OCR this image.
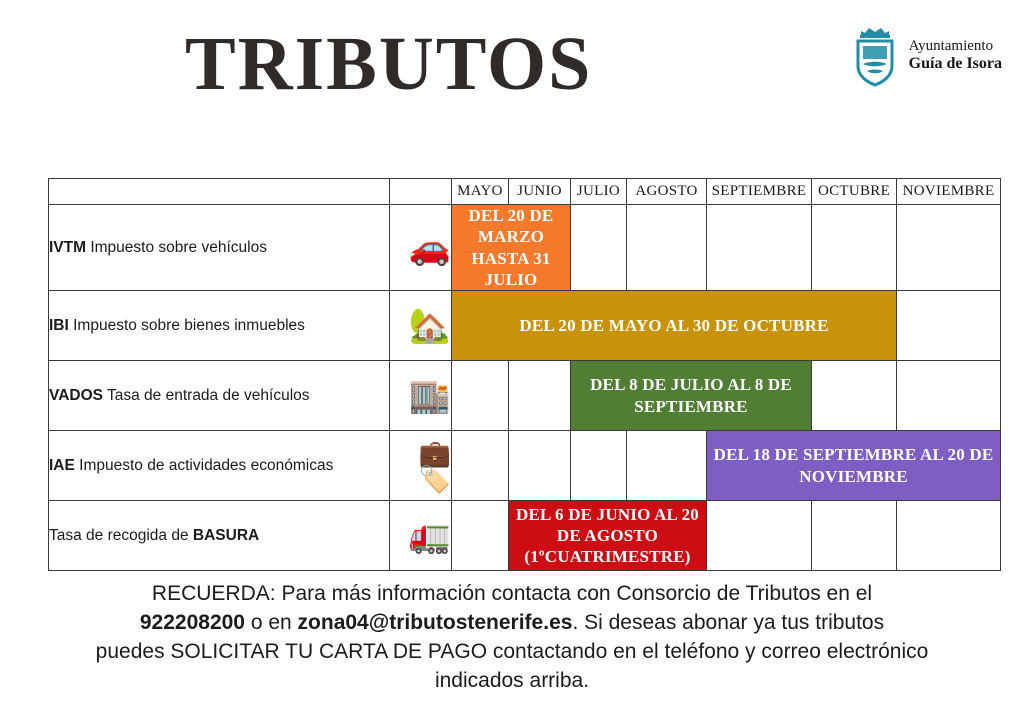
TRIBUTOS	Ayuntamiento
Guía de Isora
		MAYO	JUNIO	JULIO	AGOSTO	SEPTIEMBRE	OCTUBRE	NOVIEMBRE
IVTM Impuesto sobre vehículos	🚗	DEL 20 DE MARZO HASTA 31 JULIO						
IBI Impuesto sobre bienes inmuebles	🏡	DEL 20 DE MAYO AL 30 DE OCTUBRE						
VADOS Tasa de entrada de vehículos	🏬			DEL 8 DE JULIO AL 8 DE SEPTIEMBRE				
IAE Impuesto de actividades económicas	💼🏷️					DEL 18 DE SEPTIEMBRE AL 20 DE NOVIEMBRE		
Tasa de recogida de BASURA	🚛		DEL 6 DE JUNIO AL 20 DE AGOSTO (1ºCUATRIMESTRE)					
RECUERDA: Para más información contacta con Consorcio de Tributos en el
922208200 o en zona04@tributostenerife.es. Si deseas abonar ya tus tributos
puedes SOLICITAR TU CARTA DE PAGO contactando en el teléfono y correo electrónico
indicados arriba.
